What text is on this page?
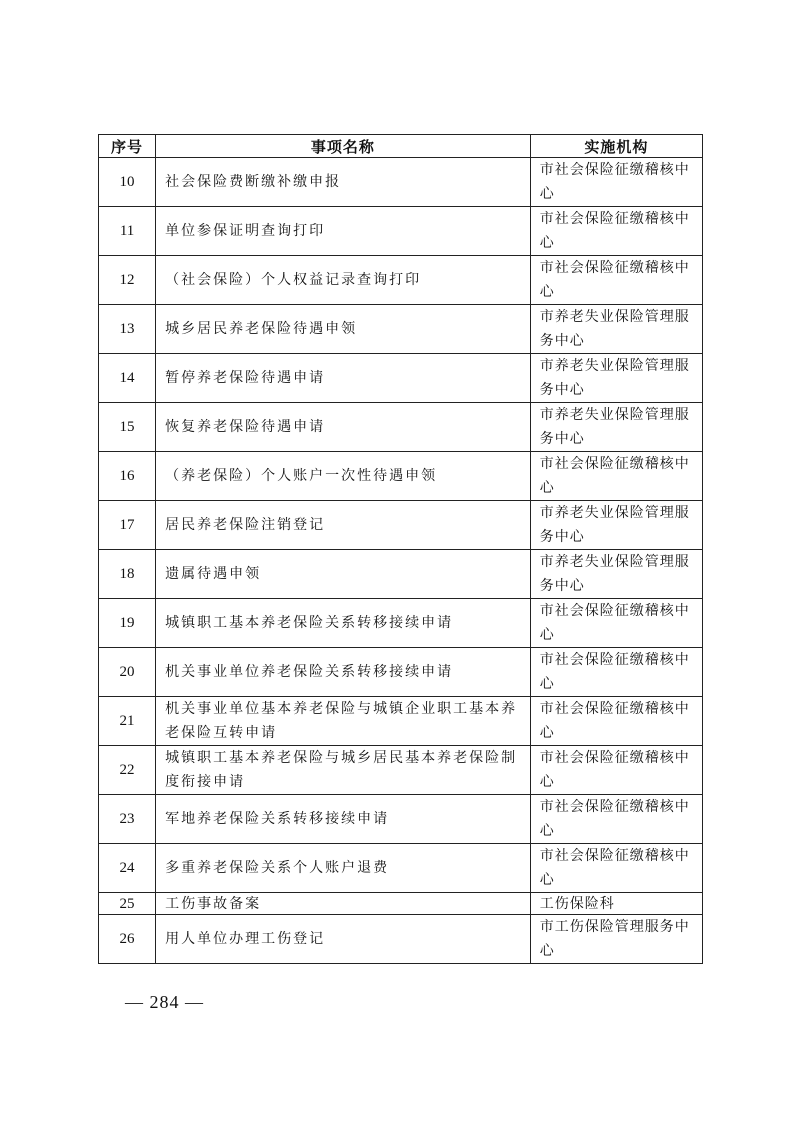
序号	事项名称	实施机构
10	社会保险费断缴补缴申报	市社会保险征缴稽核中心
11	单位参保证明查询打印	市社会保险征缴稽核中心
12	（社会保险）个人权益记录查询打印	市社会保险征缴稽核中心
13	城乡居民养老保险待遇申领	市养老失业保险管理服务中心
14	暂停养老保险待遇申请	市养老失业保险管理服务中心
15	恢复养老保险待遇申请	市养老失业保险管理服务中心
16	（养老保险）个人账户一次性待遇申领	市社会保险征缴稽核中心
17	居民养老保险注销登记	市养老失业保险管理服务中心
18	遗属待遇申领	市养老失业保险管理服务中心
19	城镇职工基本养老保险关系转移接续申请	市社会保险征缴稽核中心
20	机关事业单位养老保险关系转移接续申请	市社会保险征缴稽核中心
21	机关事业单位基本养老保险与城镇企业职工基本养老保险互转申请	市社会保险征缴稽核中心
22	城镇职工基本养老保险与城乡居民基本养老保险制度衔接申请	市社会保险征缴稽核中心
23	军地养老保险关系转移接续申请	市社会保险征缴稽核中心
24	多重养老保险关系个人账户退费	市社会保险征缴稽核中心
25	工伤事故备案	工伤保险科
26	用人单位办理工伤登记	市工伤保险管理服务中心
— 284 —
